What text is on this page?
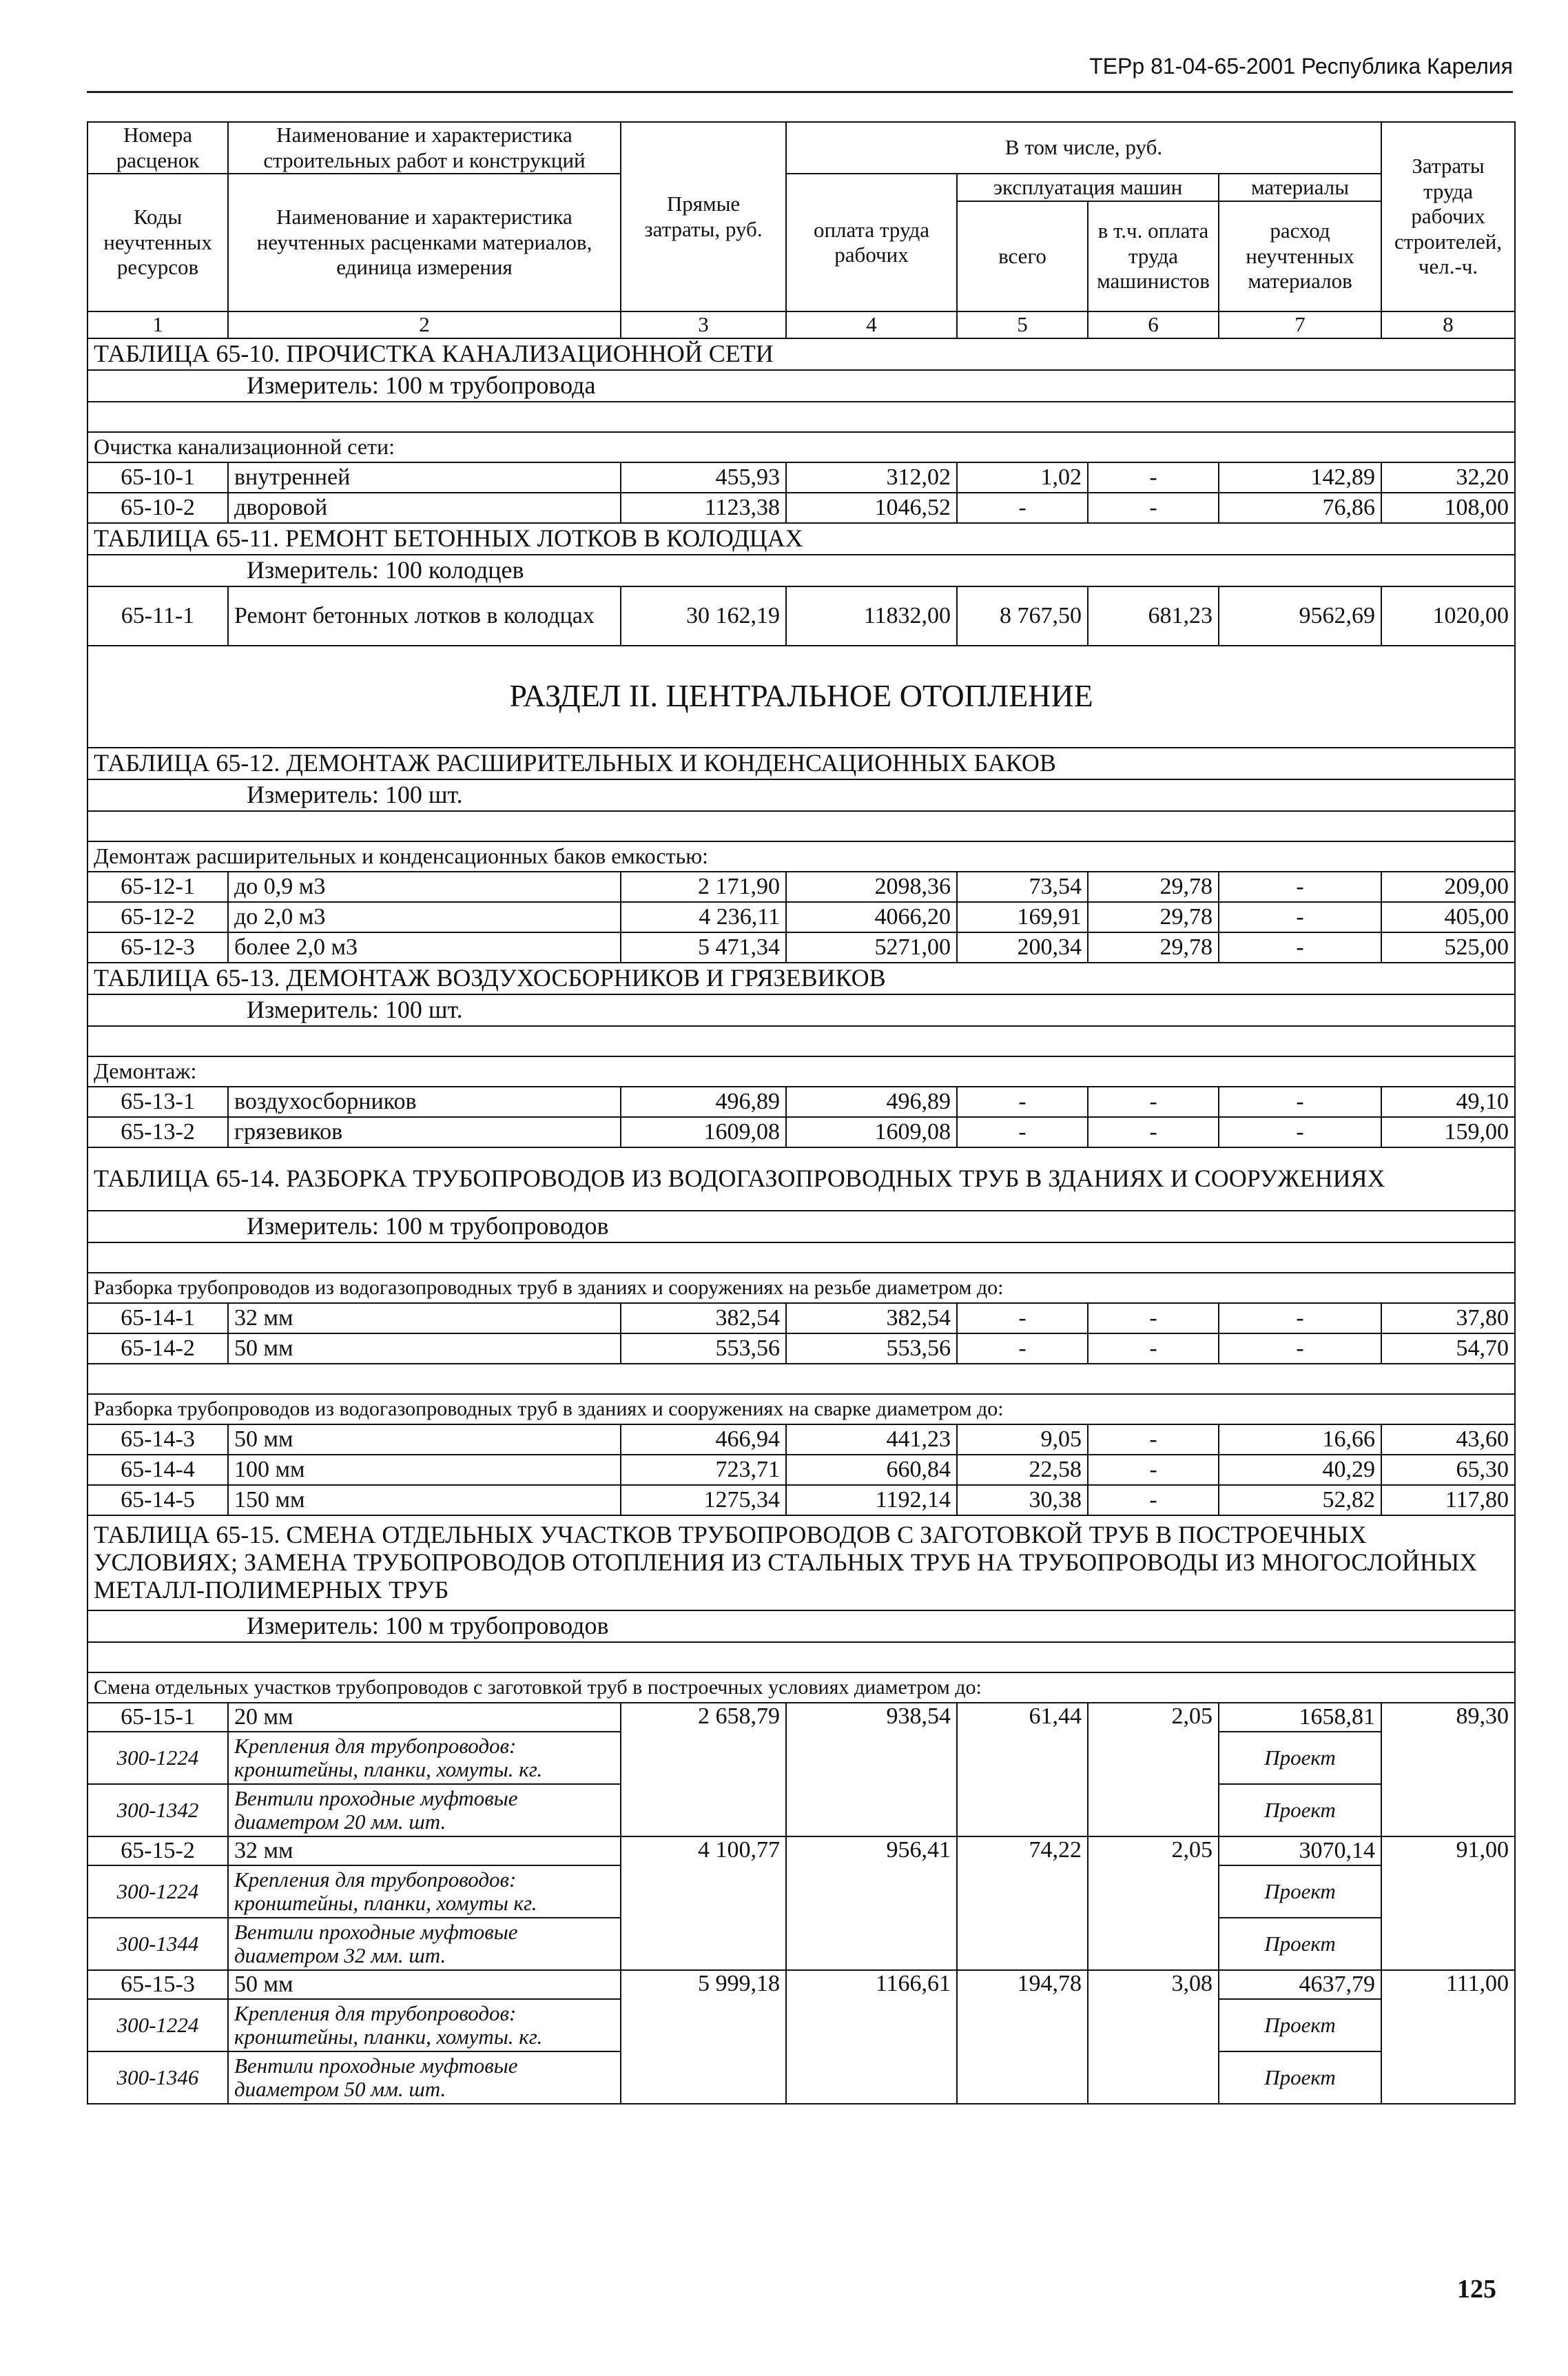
ТЕРр 81-04-65-2001 Республика Карелия
Номера расценок	Наименование и характеристика строительных работ и конструкций	Прямые затраты, руб.	В том числе, руб.				Затраты труда рабочих строителей, чел.-ч.
Коды неучтенных ресурсов	Наименование и характеристика неучтенных расценками материалов, единица измерения		оплата труда рабочих	эксплуатация машин		материалы	
				всего	в т.ч. оплата труда машинистов	расход неучтенных материалов	
1	2	3	4	5	6	7	8
ТАБЛИЦА 65-10. ПРОЧИСТКА КАНАЛИЗАЦИОННОЙ СЕТИ							
Измеритель: 100 м трубопровода							

Очистка канализационной сети:							
65-10-1	внутренней	455,93	312,02	1,02	-	142,89	32,20
65-10-2	дворовой	1123,38	1046,52	-	-	76,86	108,00
ТАБЛИЦА 65-11. РЕМОНТ БЕТОННЫХ ЛОТКОВ В КОЛОДЦАХ							
Измеритель: 100 колодцев							
65-11-1	Ремонт бетонных лотков в колодцах	30 162,19	11832,00	8 767,50	681,23	9562,69	1020,00
РАЗДЕЛ II. ЦЕНТРАЛЬНОЕ ОТОПЛЕНИЕ							
ТАБЛИЦА 65-12. ДЕМОНТАЖ РАСШИРИТЕЛЬНЫХ И КОНДЕНСАЦИОННЫХ БАКОВ							
Измеритель: 100 шт.							

Демонтаж расширительных и конденсационных баков емкостью:							
65-12-1	до 0,9 м3	2 171,90	2098,36	73,54	29,78	-	209,00
65-12-2	до 2,0 м3	4 236,11	4066,20	169,91	29,78	-	405,00
65-12-3	более 2,0 м3	5 471,34	5271,00	200,34	29,78	-	525,00
ТАБЛИЦА 65-13. ДЕМОНТАЖ ВОЗДУХОСБОРНИКОВ И ГРЯЗЕВИКОВ							
Измеритель: 100 шт.							

Демонтаж:							
65-13-1	воздухосборников	496,89	496,89	-	-	-	49,10
65-13-2	грязевиков	1609,08	1609,08	-	-	-	159,00
ТАБЛИЦА 65-14. РАЗБОРКА ТРУБОПРОВОДОВ ИЗ ВОДОГАЗОПРОВОДНЫХ ТРУБ В ЗДАНИЯХ И СООРУЖЕНИЯХ							
Измеритель: 100 м трубопроводов							

Разборка трубопроводов из водогазопроводных труб в зданиях и сооружениях на резьбе диаметром до:							
65-14-1	32 мм	382,54	382,54	-	-	-	37,80
65-14-2	50 мм	553,56	553,56	-	-	-	54,70

Разборка трубопроводов из водогазопроводных труб в зданиях и сооружениях на сварке диаметром до:							
65-14-3	50 мм	466,94	441,23	9,05	-	16,66	43,60
65-14-4	100 мм	723,71	660,84	22,58	-	40,29	65,30
65-14-5	150 мм	1275,34	1192,14	30,38	-	52,82	117,80
ТАБЛИЦА 65-15. СМЕНА ОТДЕЛЬНЫХ УЧАСТКОВ ТРУБОПРОВОДОВ С ЗАГОТОВКОЙ ТРУБ В ПОСТРОЕЧНЫХ УСЛОВИЯХ; ЗАМЕНА ТРУБОПРОВОДОВ ОТОПЛЕНИЯ ИЗ СТАЛЬНЫХ ТРУБ НА ТРУБОПРОВОДЫ ИЗ МНОГОСЛОЙНЫХ МЕТАЛЛ-ПОЛИМЕРНЫХ ТРУБ							
Измеритель: 100 м трубопроводов							

Смена отдельных участков трубопроводов с заготовкой труб в построечных условиях диаметром до:							
65-15-1	20 мм	2 658,79	938,54	61,44	2,05	1658,81	89,30
300-1224	Крепления для трубопроводов: кронштейны, планки, хомуты. кг.					Проект	
300-1342	Вентили проходные муфтовые диаметром 20 мм. шт.					Проект	
65-15-2	32 мм	4 100,77	956,41	74,22	2,05	3070,14	91,00
300-1224	Крепления для трубопроводов: кронштейны, планки, хомуты кг.					Проект	
300-1344	Вентили проходные муфтовые диаметром 32 мм. шт.					Проект	
65-15-3	50 мм	5 999,18	1166,61	194,78	3,08	4637,79	111,00
300-1224	Крепления для трубопроводов: кронштейны, планки, хомуты. кг.					Проект	
300-1346	Вентили проходные муфтовые диаметром 50 мм. шт.					Проект	
125
